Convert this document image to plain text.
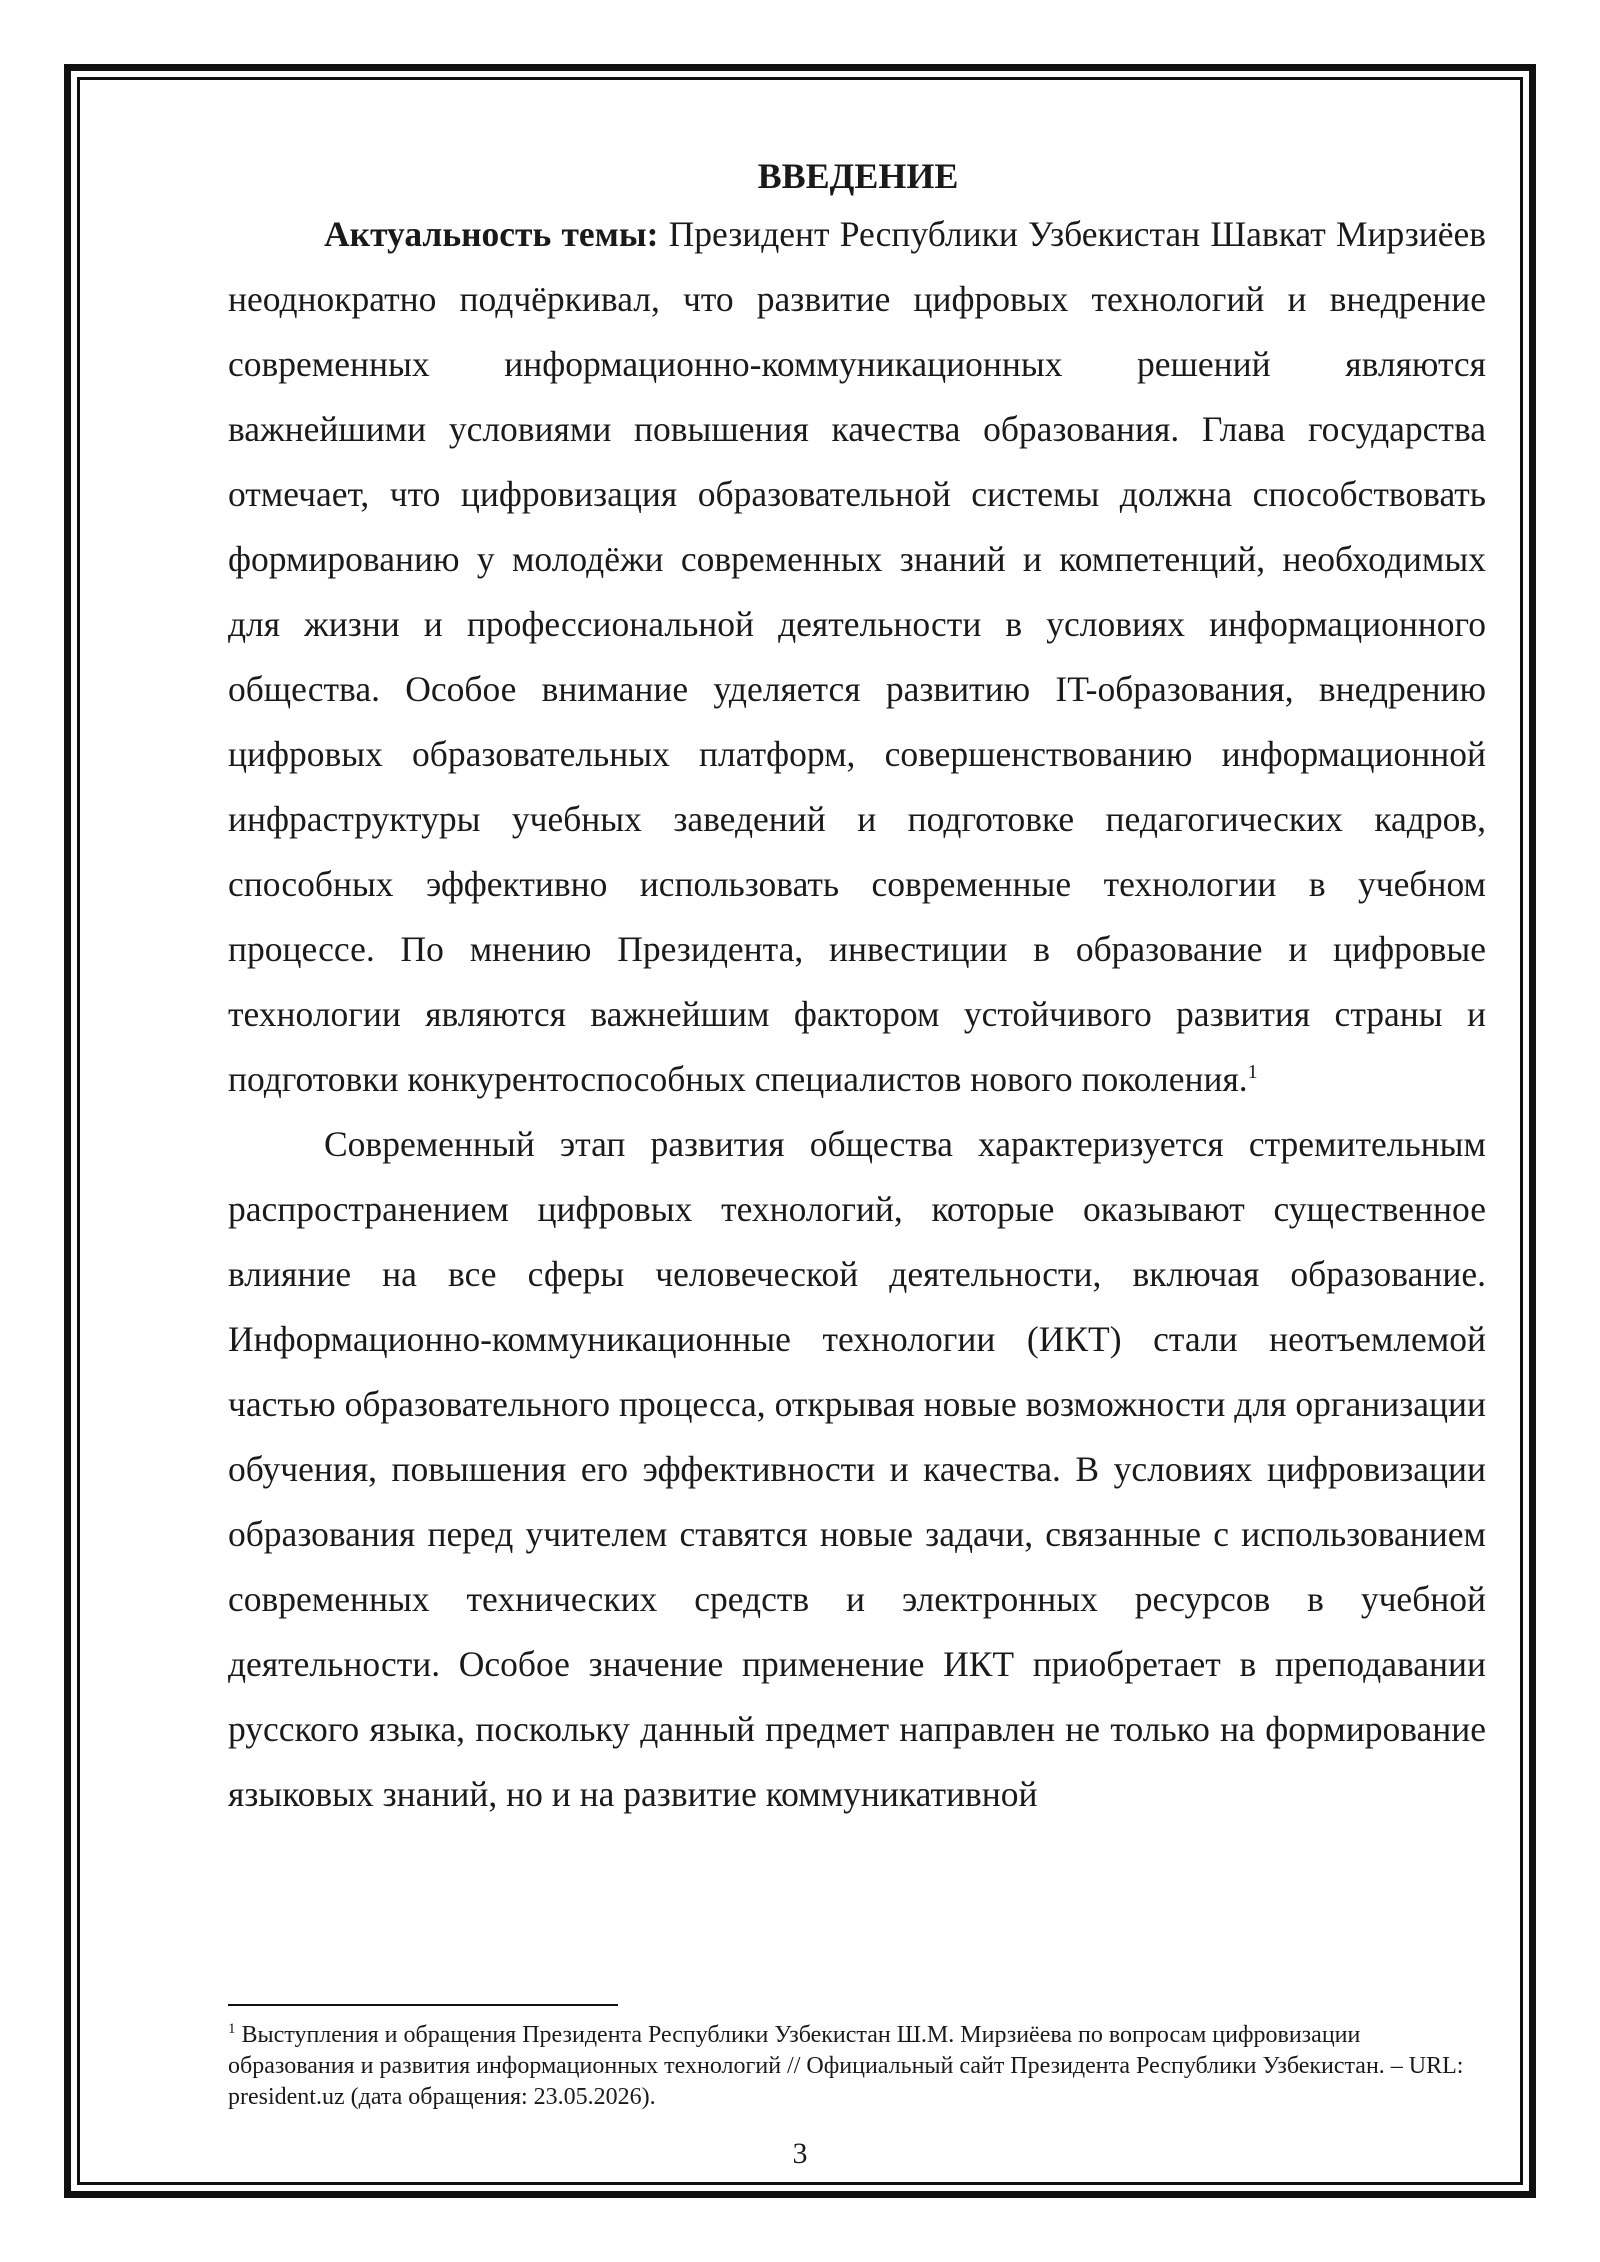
ВВЕДЕНИЕ

Актуальность темы: Президент Республики Узбекистан Шавкат Мирзиёев неоднократно подчёркивал, что развитие цифровых технологий и внедрение современных информационно-коммуникационных решений являются важнейшими условиями повышения качества образования. Глава государства отмечает, что цифровизация образовательной системы должна способствовать формированию у молодёжи современных знаний и компетенций, необходимых для жизни и профессиональной деятельности в условиях информационного общества. Особое внимание уделяется развитию IT-образования, внедрению цифровых образовательных платформ, совершенствованию информационной инфраструктуры учебных заведений и подготовке педагогических кадров, способных эффективно использовать современные технологии в учебном процессе. По мнению Президента, инвестиции в образование и цифровые технологии являются важнейшим фактором устойчивого развития страны и подготовки конкурентоспособных специалистов нового поколения.$^1$

Современный этап развития общества характеризуется стремительным распространением цифровых технологий, которые оказывают существенное влияние на все сферы человеческой деятельности, включая образование. Информационно-коммуникационные технологии (ИКТ) стали неотъемлемой частью образовательного процесса, открывая новые возможности для организации обучения, повышения его эффективности и качества. В условиях цифровизации образования перед учителем ставятся новые задачи, связанные с использованием современных технических средств и электронных ресурсов в учебной деятельности. Особое значение применение ИКТ приобретает в преподавании русского языка, поскольку данный предмет направлен не только на формирование языковых знаний, но и на развитие коммуникативной

$^1$ Выступления и обращения Президента Республики Узбекистан Ш.М. Мирзиёева по вопросам цифровизации образования и развития информационных технологий // Официальный сайт Президента Республики Узбекистан. – URL: president.uz (дата обращения: 23.05.2026).

3
